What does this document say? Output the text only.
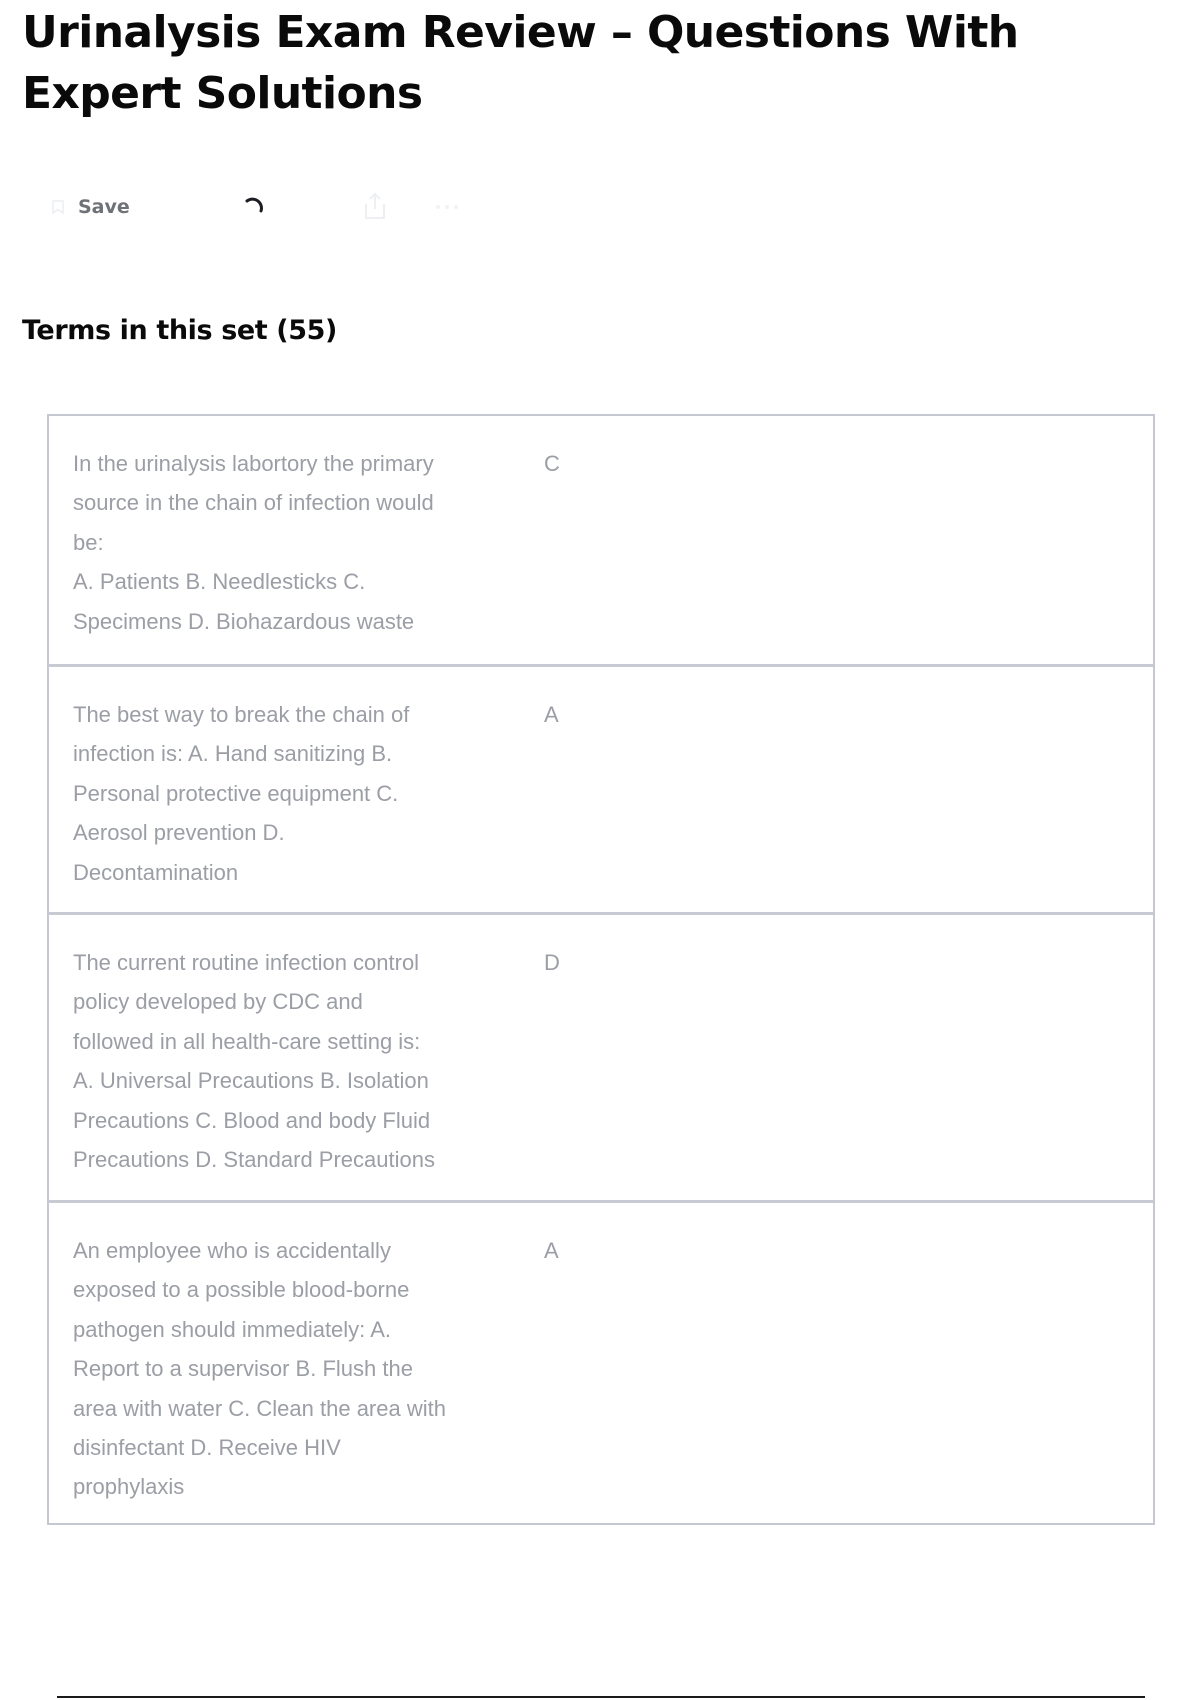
Urinalysis Exam Review – Questions With Expert Solutions
Save
Terms in this set (55)
In the urinalysis labortory the primary
source in the chain of infection would
be:
A. Patients B. Needlesticks C.
Specimens D. Biohazardous waste
C
The best way to break the chain of
infection is: A. Hand sanitizing B.
Personal protective equipment C.
Aerosol prevention D.
Decontamination
A
The current routine infection control
policy developed by CDC and
followed in all health-care setting is:
A. Universal Precautions B. Isolation
Precautions C. Blood and body Fluid
Precautions D. Standard Precautions
D
An employee who is accidentally
exposed to a possible blood-borne
pathogen should immediately: A.
Report to a supervisor B. Flush the
area with water C. Clean the area with
disinfectant D. Receive HIV
prophylaxis
A
